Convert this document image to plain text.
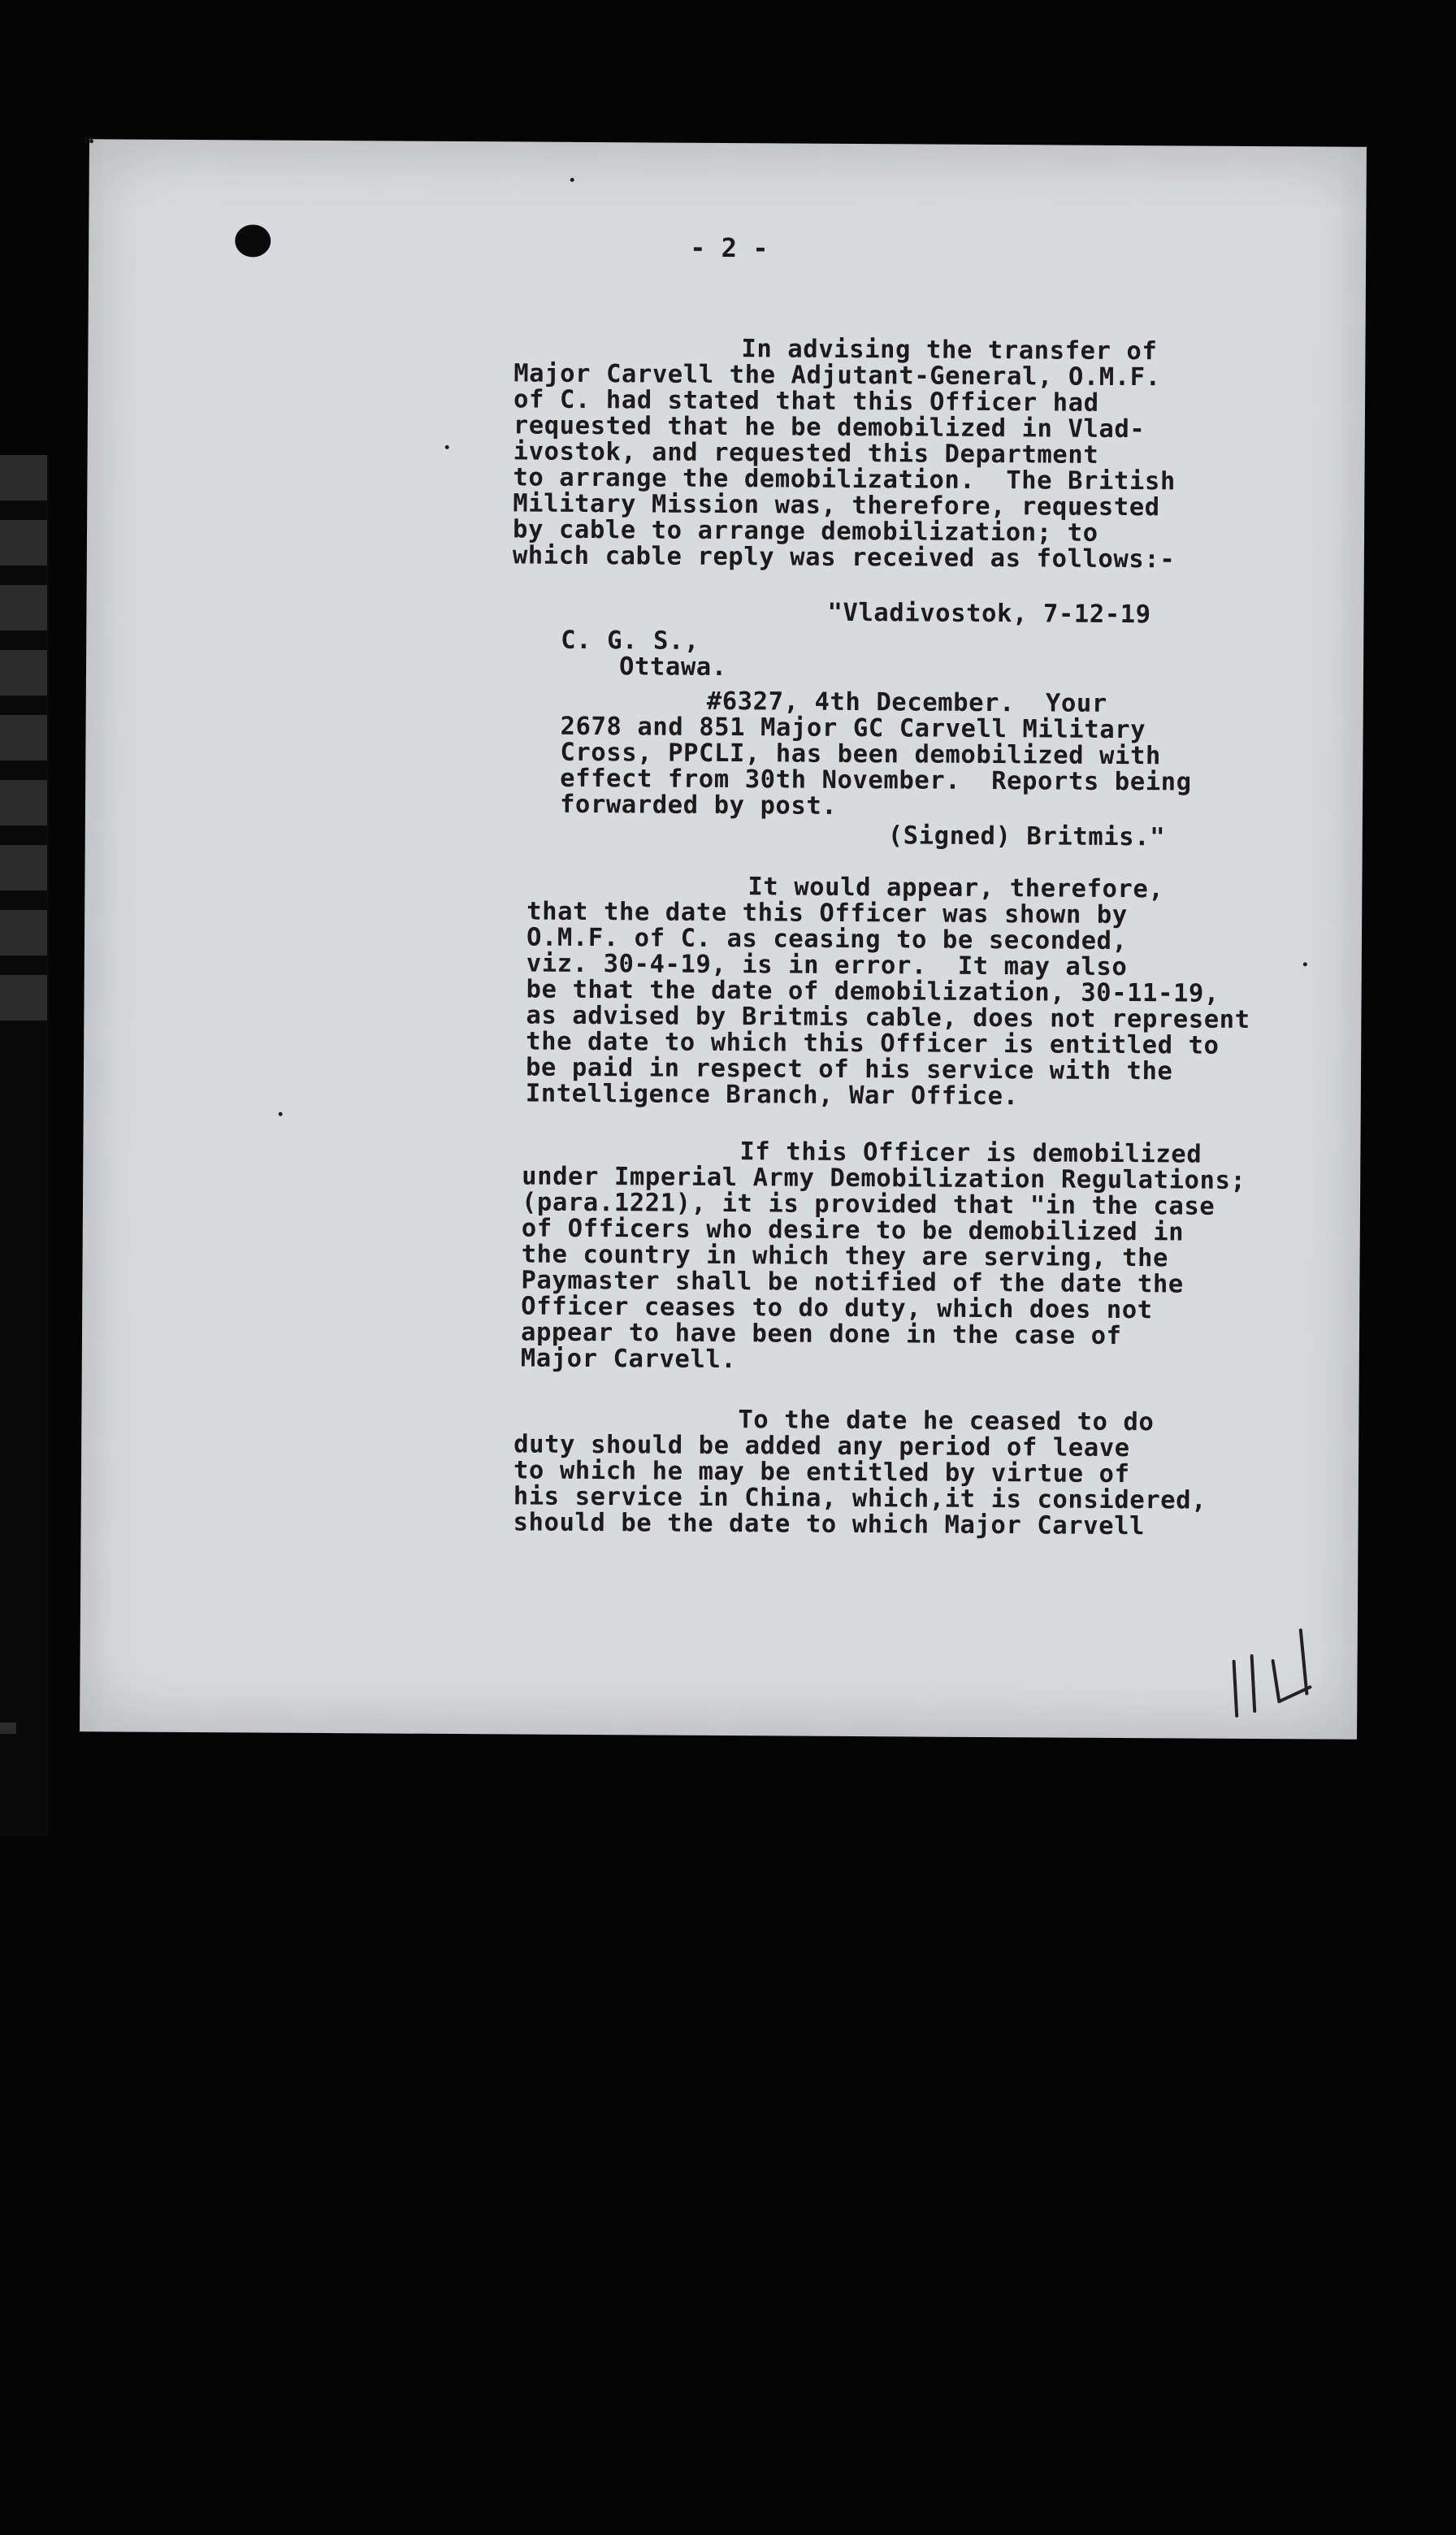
- 2 -
In advising the transfer of
Major Carvell the Adjutant-General, O.M.F.
of C. had stated that this Officer had
requested that he be demobilized in Vlad-
ivostok, and requested this Department
to arrange the demobilization.  The British
Military Mission was, therefore, requested
by cable to arrange demobilization; to
which cable reply was received as follows:-
"Vladivostok, 7-12-19
C. G. S.,
Ottawa.
#6327, 4th December.  Your
2678 and 851 Major GC Carvell Military
Cross, PPCLI, has been demobilized with
effect from 30th November.  Reports being
forwarded by post.
(Signed) Britmis."
It would appear, therefore,
that the date this Officer was shown by
O.M.F. of C. as ceasing to be seconded,
viz. 30-4-19, is in error.  It may also
be that the date of demobilization, 30-11-19,
as advised by Britmis cable, does not represent
the date to which this Officer is entitled to
be paid in respect of his service with the
Intelligence Branch, War Office.
If this Officer is demobilized
under Imperial Army Demobilization Regulations;
(para.1221), it is provided that "in the case
of Officers who desire to be demobilized in
the country in which they are serving, the
Paymaster shall be notified of the date the
Officer ceases to do duty, which does not
appear to have been done in the case of
Major Carvell.
To the date he ceased to do
duty should be added any period of leave
to which he may be entitled by virtue of
his service in China, which,it is considered,
should be the date to which Major Carvell
